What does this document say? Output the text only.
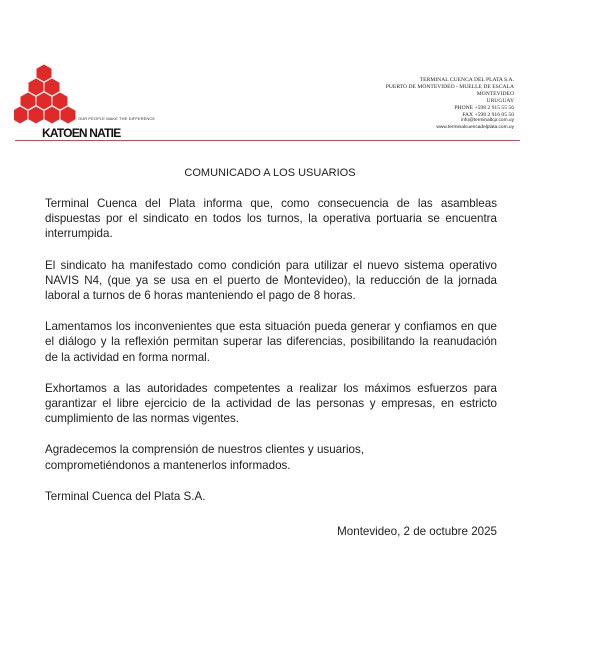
OUR PEOPLE MAKE THE DIFFERENCE
KATOEN NATIE
TERMINAL CUENCA DEL PLATA S.A.
PUERTO DE MONTEVIDEO - MUELLE DE ESCALA
MONTEVIDEO
URUGUAY
PHONE +598 2 915 55 56
FAX +598 2 916 05 50
info@terminaltcp.com.uy
www.terminalcuencadelplata.com.uy
COMUNICADO A LOS USUARIOS

Terminal Cuenca del Plata informa que, como consecuencia de las asambleas dispuestas por el sindicato en todos los turnos, la operativa portuaria se encuentra interrumpida.

El sindicato ha manifestado como condición para utilizar el nuevo sistema operativo NAVIS N4, (que ya se usa en el puerto de Montevideo), la reducción de la jornada laboral a turnos de 6 horas manteniendo el pago de 8 horas.

Lamentamos los inconvenientes que esta situación pueda generar y confiamos en que el diálogo y la reflexión permitan superar las diferencias, posibilitando la reanudación de la actividad en forma normal.

Exhortamos a las autoridades competentes a realizar los máximos esfuerzos para garantizar el libre ejercicio de la actividad de las personas y empresas, en estricto cumplimiento de las normas vigentes.

Agradecemos la comprensión de nuestros clientes y usuarios,
comprometiéndonos a mantenerlos informados.

Terminal Cuenca del Plata S.A.

Montevideo, 2 de octubre 2025
